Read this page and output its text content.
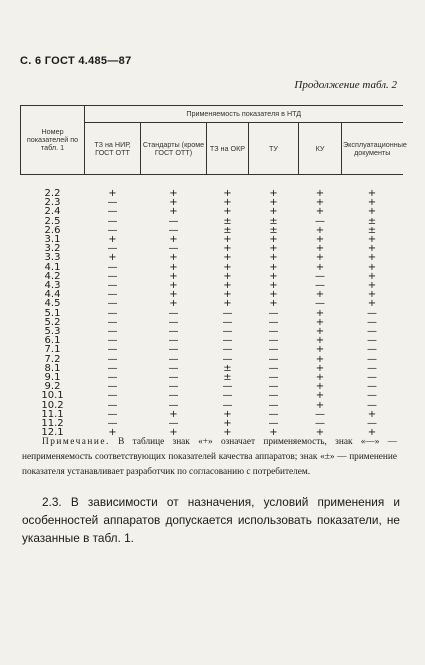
С. 6 ГОСТ 4.485—87
Продолжение табл. 2
Номер показателей по табл. 1	Применяемость показателя в НТД					
	ТЗ на НИР, ГОСТ ОТТ	Стандарты (кроме ГОСТ ОТТ)	ТЗ на ОКР	ТУ	КУ	Эксплуатационные документы

2.2	+	+	+	+	+	+
2.3	—	+	+	+	+	+
2.4	—	+	+	+	+	+
2.5	—	—	±	±	—	±
2.6	—	—	±	±	+	±
3.1	+	+	+	+	+	+
3.2	—	—	+	+	+	+
3.3	+	+	+	+	+	+
4.1	—	+	+	+	+	+
4.2	—	+	+	+	—	+
4.3	—	+	+	+	—	+
4.4	—	+	+	+	+	+
4.5	—	+	+	+	—	+
5.1	—	—	—	—	+	—
5.2	—	—	—	—	+	—
5.3	—	—	—	—	+	—
6.1	—	—	—	—	+	—
7.1	—	—	—	—	+	—
7.2	—	—	—	—	+	—
8.1	—	—	±	—	+	—
9.1	—	—	±	—	+	—
9.2	—	—	—	—	+	—
10.1	—	—	—	—	+	—
10.2	—	—	—	—	+	—
11.1	—	+	+	—	—	+
11.2	—	—	+	—	—	—
12.1	+	+	+	+	+	+
Примечание. В таблице знак «+» означает применяемость, знак «—» — неприменяемость соответствующих показателей качества аппаратов; знак «±» — применение показателя устанавливает разработчик по согласованию с потребителем.
2.3. В зависимости от назначения, условий применения и особенностей аппаратов допускается использовать показатели, не указанные в табл. 1.
